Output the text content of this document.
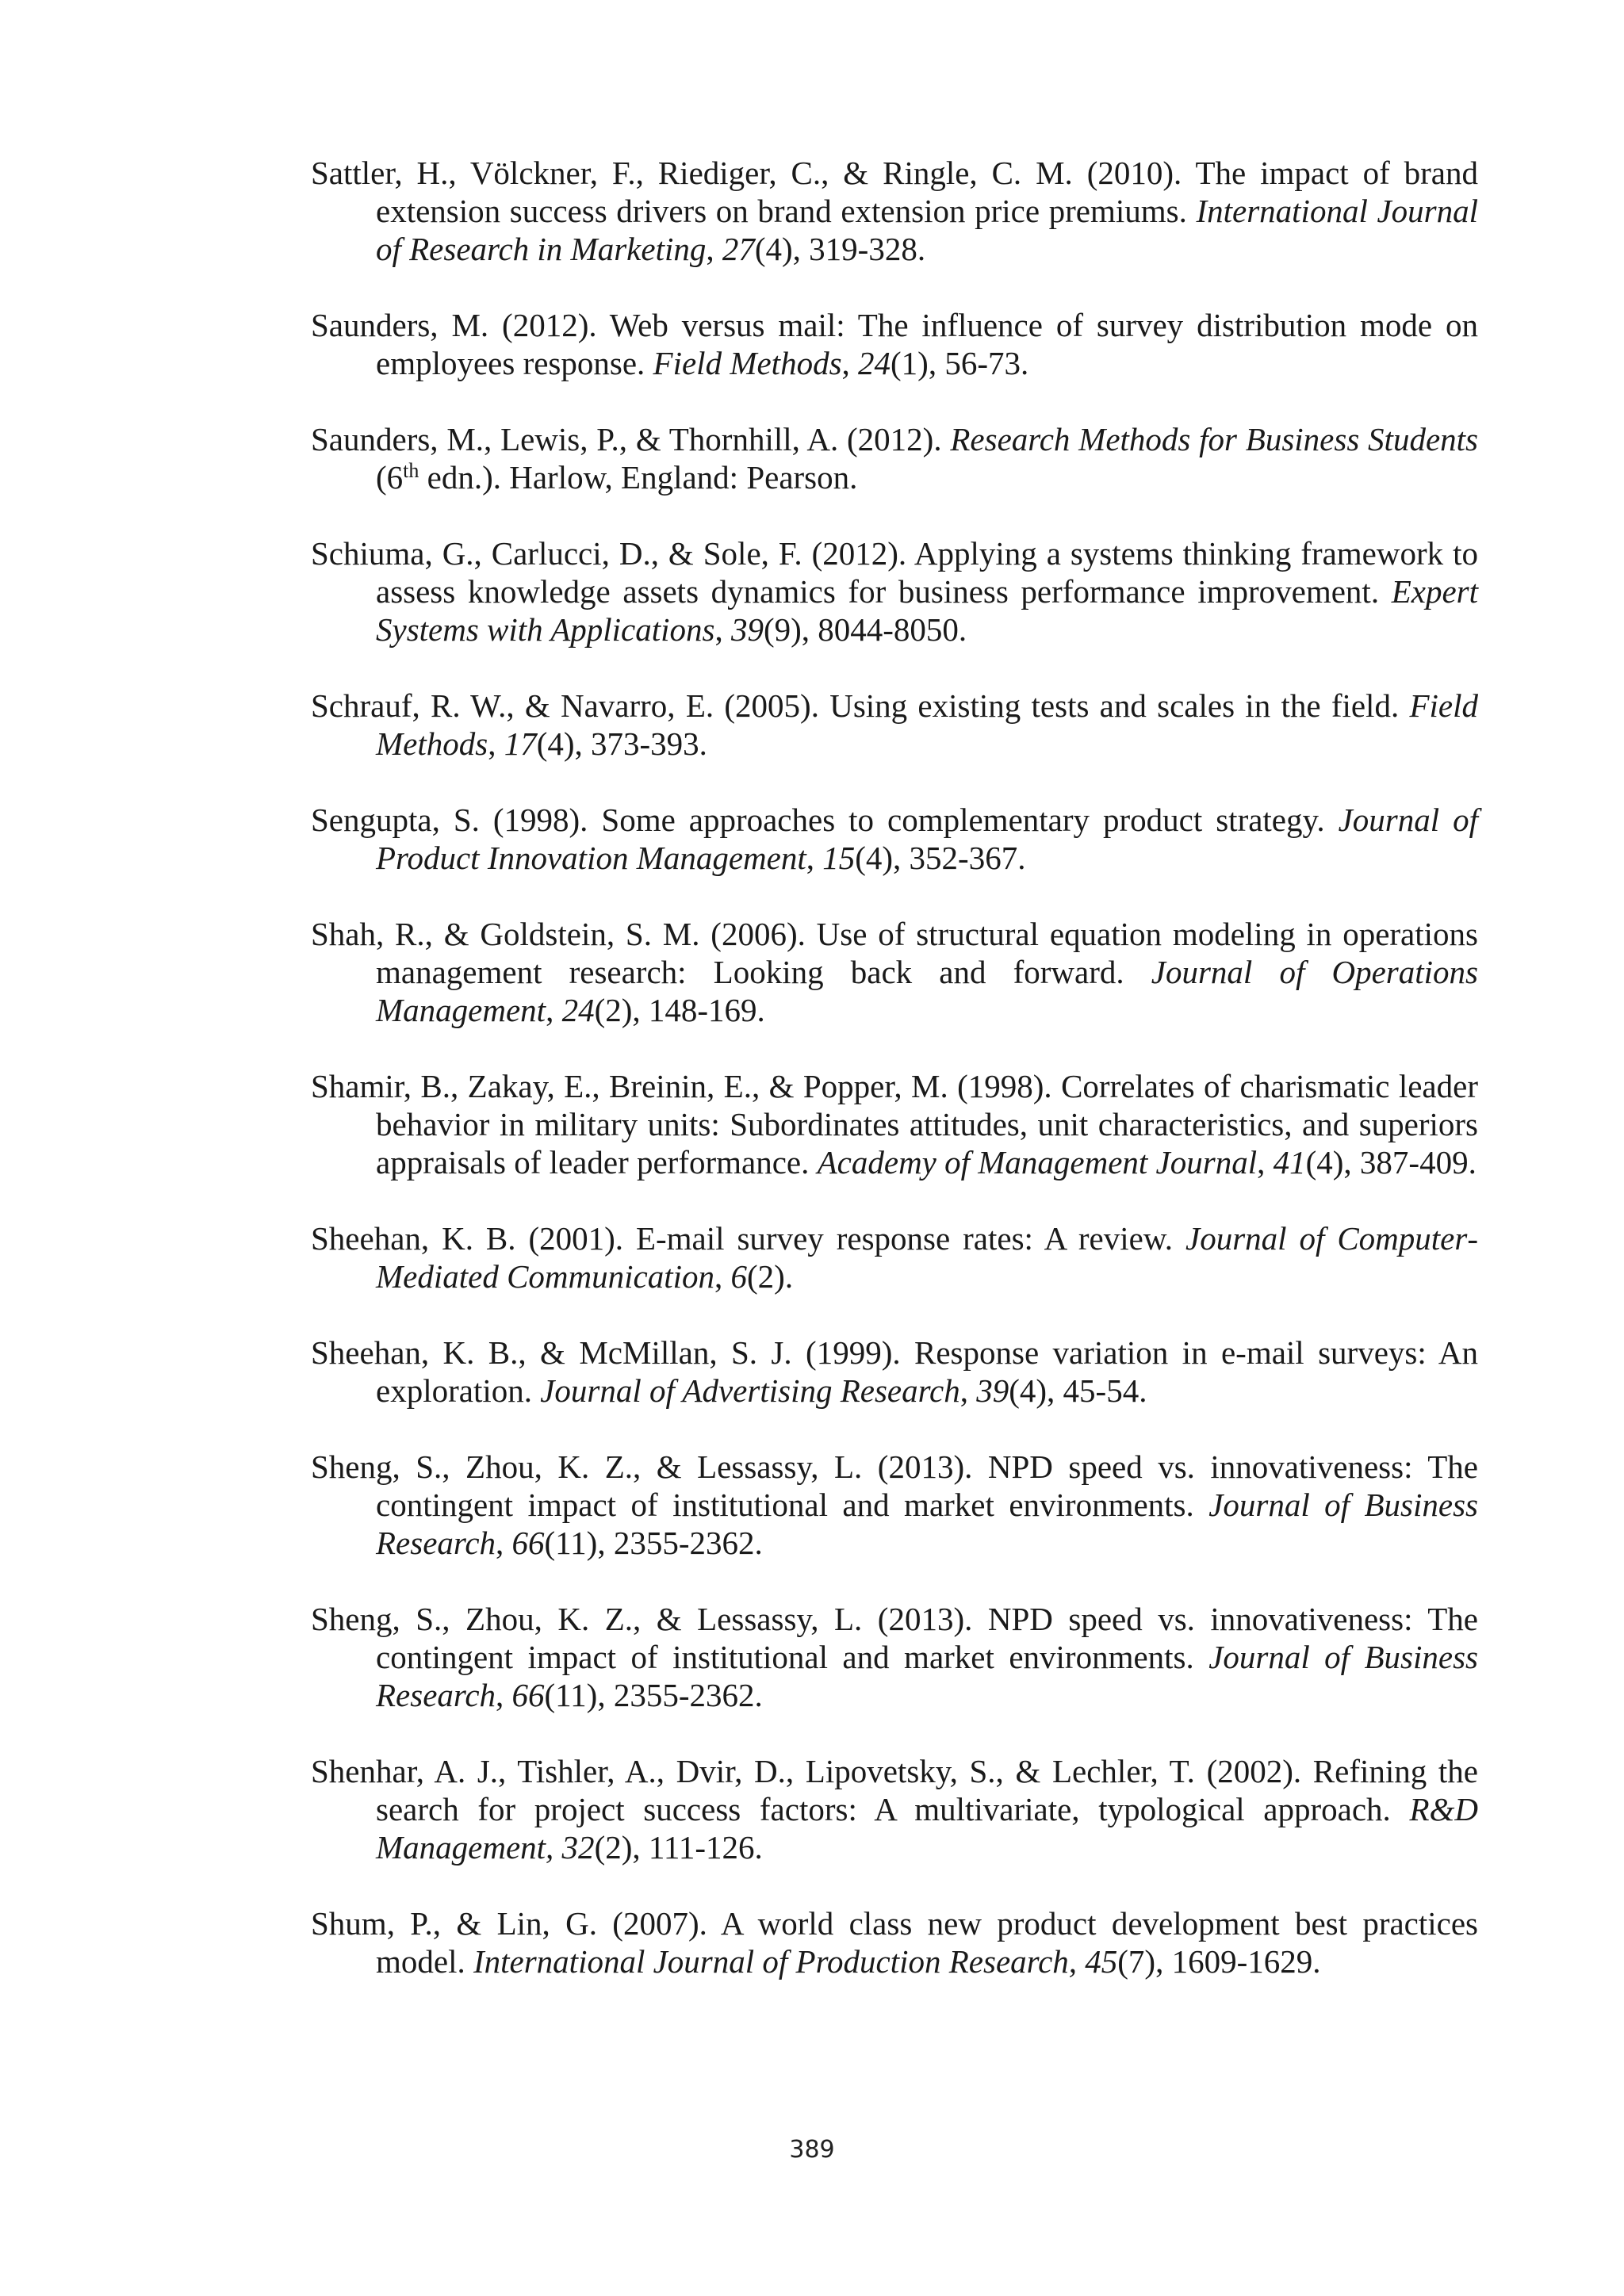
Sattler, H., Völckner, F., Riediger, C., & Ringle, C. M. (2010). The impact of brand extension success drivers on brand extension price premiums. International Journal of Research in Marketing, 27(4), 319-328.
Saunders, M. (2012). Web versus mail: The influence of survey distribution mode on employees response. Field Methods, 24(1), 56-73.
Saunders, M., Lewis, P., & Thornhill, A. (2012). Research Methods for Business Students (6th edn.). Harlow, England: Pearson.
Schiuma, G., Carlucci, D., & Sole, F. (2012). Applying a systems thinking framework to assess knowledge assets dynamics for business performance improvement. Expert Systems with Applications, 39(9), 8044-8050.
Schrauf, R. W., & Navarro, E. (2005). Using existing tests and scales in the field. Field Methods, 17(4), 373-393.
Sengupta, S. (1998). Some approaches to complementary product strategy. Journal of Product Innovation Management, 15(4), 352-367.
Shah, R., & Goldstein, S. M. (2006). Use of structural equation modeling in operations management research: Looking back and forward. Journal of Operations Management, 24(2), 148-169.
Shamir, B., Zakay, E., Breinin, E., & Popper, M. (1998). Correlates of charismatic leader behavior in military units: Subordinates attitudes, unit characteristics, and superiors appraisals of leader performance. Academy of Management Journal, 41(4), 387-409.
Sheehan, K. B. (2001). E-mail survey response rates: A review. Journal of Computer‐Mediated Communication, 6(2).
Sheehan, K. B., & McMillan, S. J. (1999). Response variation in e-mail surveys: An exploration. Journal of Advertising Research, 39(4), 45-54.
Sheng, S., Zhou, K. Z., & Lessassy, L. (2013). NPD speed vs. innovativeness: The contingent impact of institutional and market environments. Journal of Business Research, 66(11), 2355-2362.
Sheng, S., Zhou, K. Z., & Lessassy, L. (2013). NPD speed vs. innovativeness: The contingent impact of institutional and market environments. Journal of Business Research, 66(11), 2355-2362.
Shenhar, A. J., Tishler, A., Dvir, D., Lipovetsky, S., & Lechler, T. (2002). Refining the search for project success factors: A multivariate, typological approach. R&D Management, 32(2), 111-126.
Shum, P., & Lin, G. (2007). A world class new product development best practices model. International Journal of Production Research, 45(7), 1609-1629.
389
